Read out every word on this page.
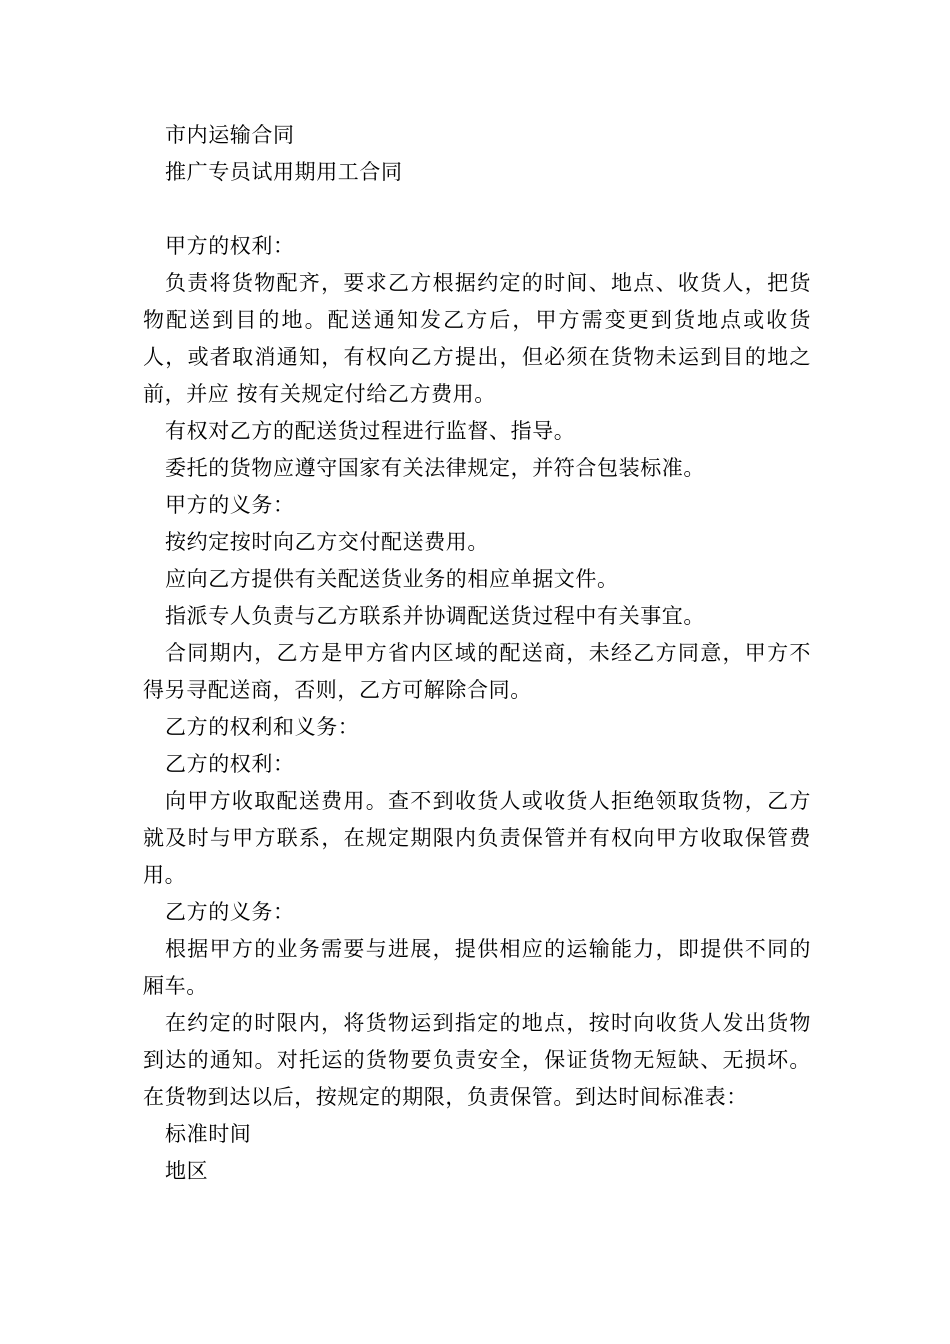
市内运输合同

推广专员试用期用工合同

甲方的权利：

负责将货物配齐，要求乙方根据约定的时间、地点、收货人，把货物配送到目的地。配送通知发乙方后，甲方需变更到货地点或收货人，或者取消通知，有权向乙方提出，但必须在货物未运到目的地之前，并应 按有关规定付给乙方费用。

有权对乙方的配送货过程进行监督、指导。

委托的货物应遵守国家有关法律规定，并符合包装标准。

甲方的义务：

按约定按时向乙方交付配送费用。

应向乙方提供有关配送货业务的相应单据文件。

指派专人负责与乙方联系并协调配送货过程中有关事宜。

合同期内，乙方是甲方省内区域的配送商，未经乙方同意，甲方不得另寻配送商，否则，乙方可解除合同。

乙方的权利和义务：

乙方的权利：

向甲方收取配送费用。查不到收货人或收货人拒绝领取货物，乙方就及时与甲方联系，在规定期限内负责保管并有权向甲方收取保管费用。

乙方的义务：

根据甲方的业务需要与进展，提供相应的运输能力，即提供不同的厢车。

在约定的时限内，将货物运到指定的地点，按时向收货人发出货物到达的通知。对托运的货物要负责安全，保证货物无短缺、无损坏。在货物到达以后，按规定的期限，负责保管。到达时间标准表：

标准时间

地区
